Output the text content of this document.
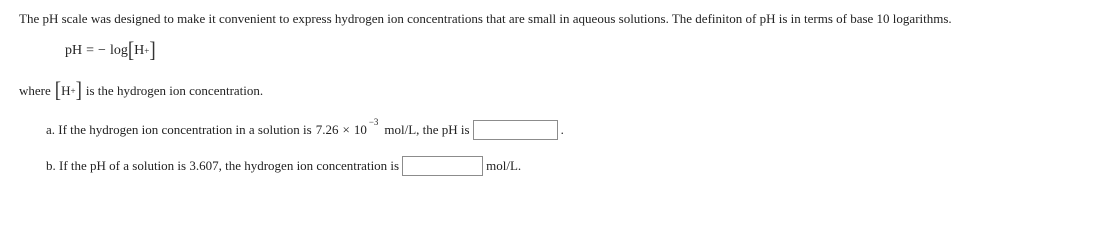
The pH scale was designed to make it convenient to express hydrogen ion concentrations that are small in aqueous solutions. The definiton of pH is in terms of base 10 logarithms.
pH = − log [ H + ]
where [ H + ] is the hydrogen ion concentration.
a. If the hydrogen ion concentration in a solution is 7.26 × 10 −3 mol/L, the pH is	.
b. If the pH of a solution is 3.607, the hydrogen ion concentration is	mol/L.
